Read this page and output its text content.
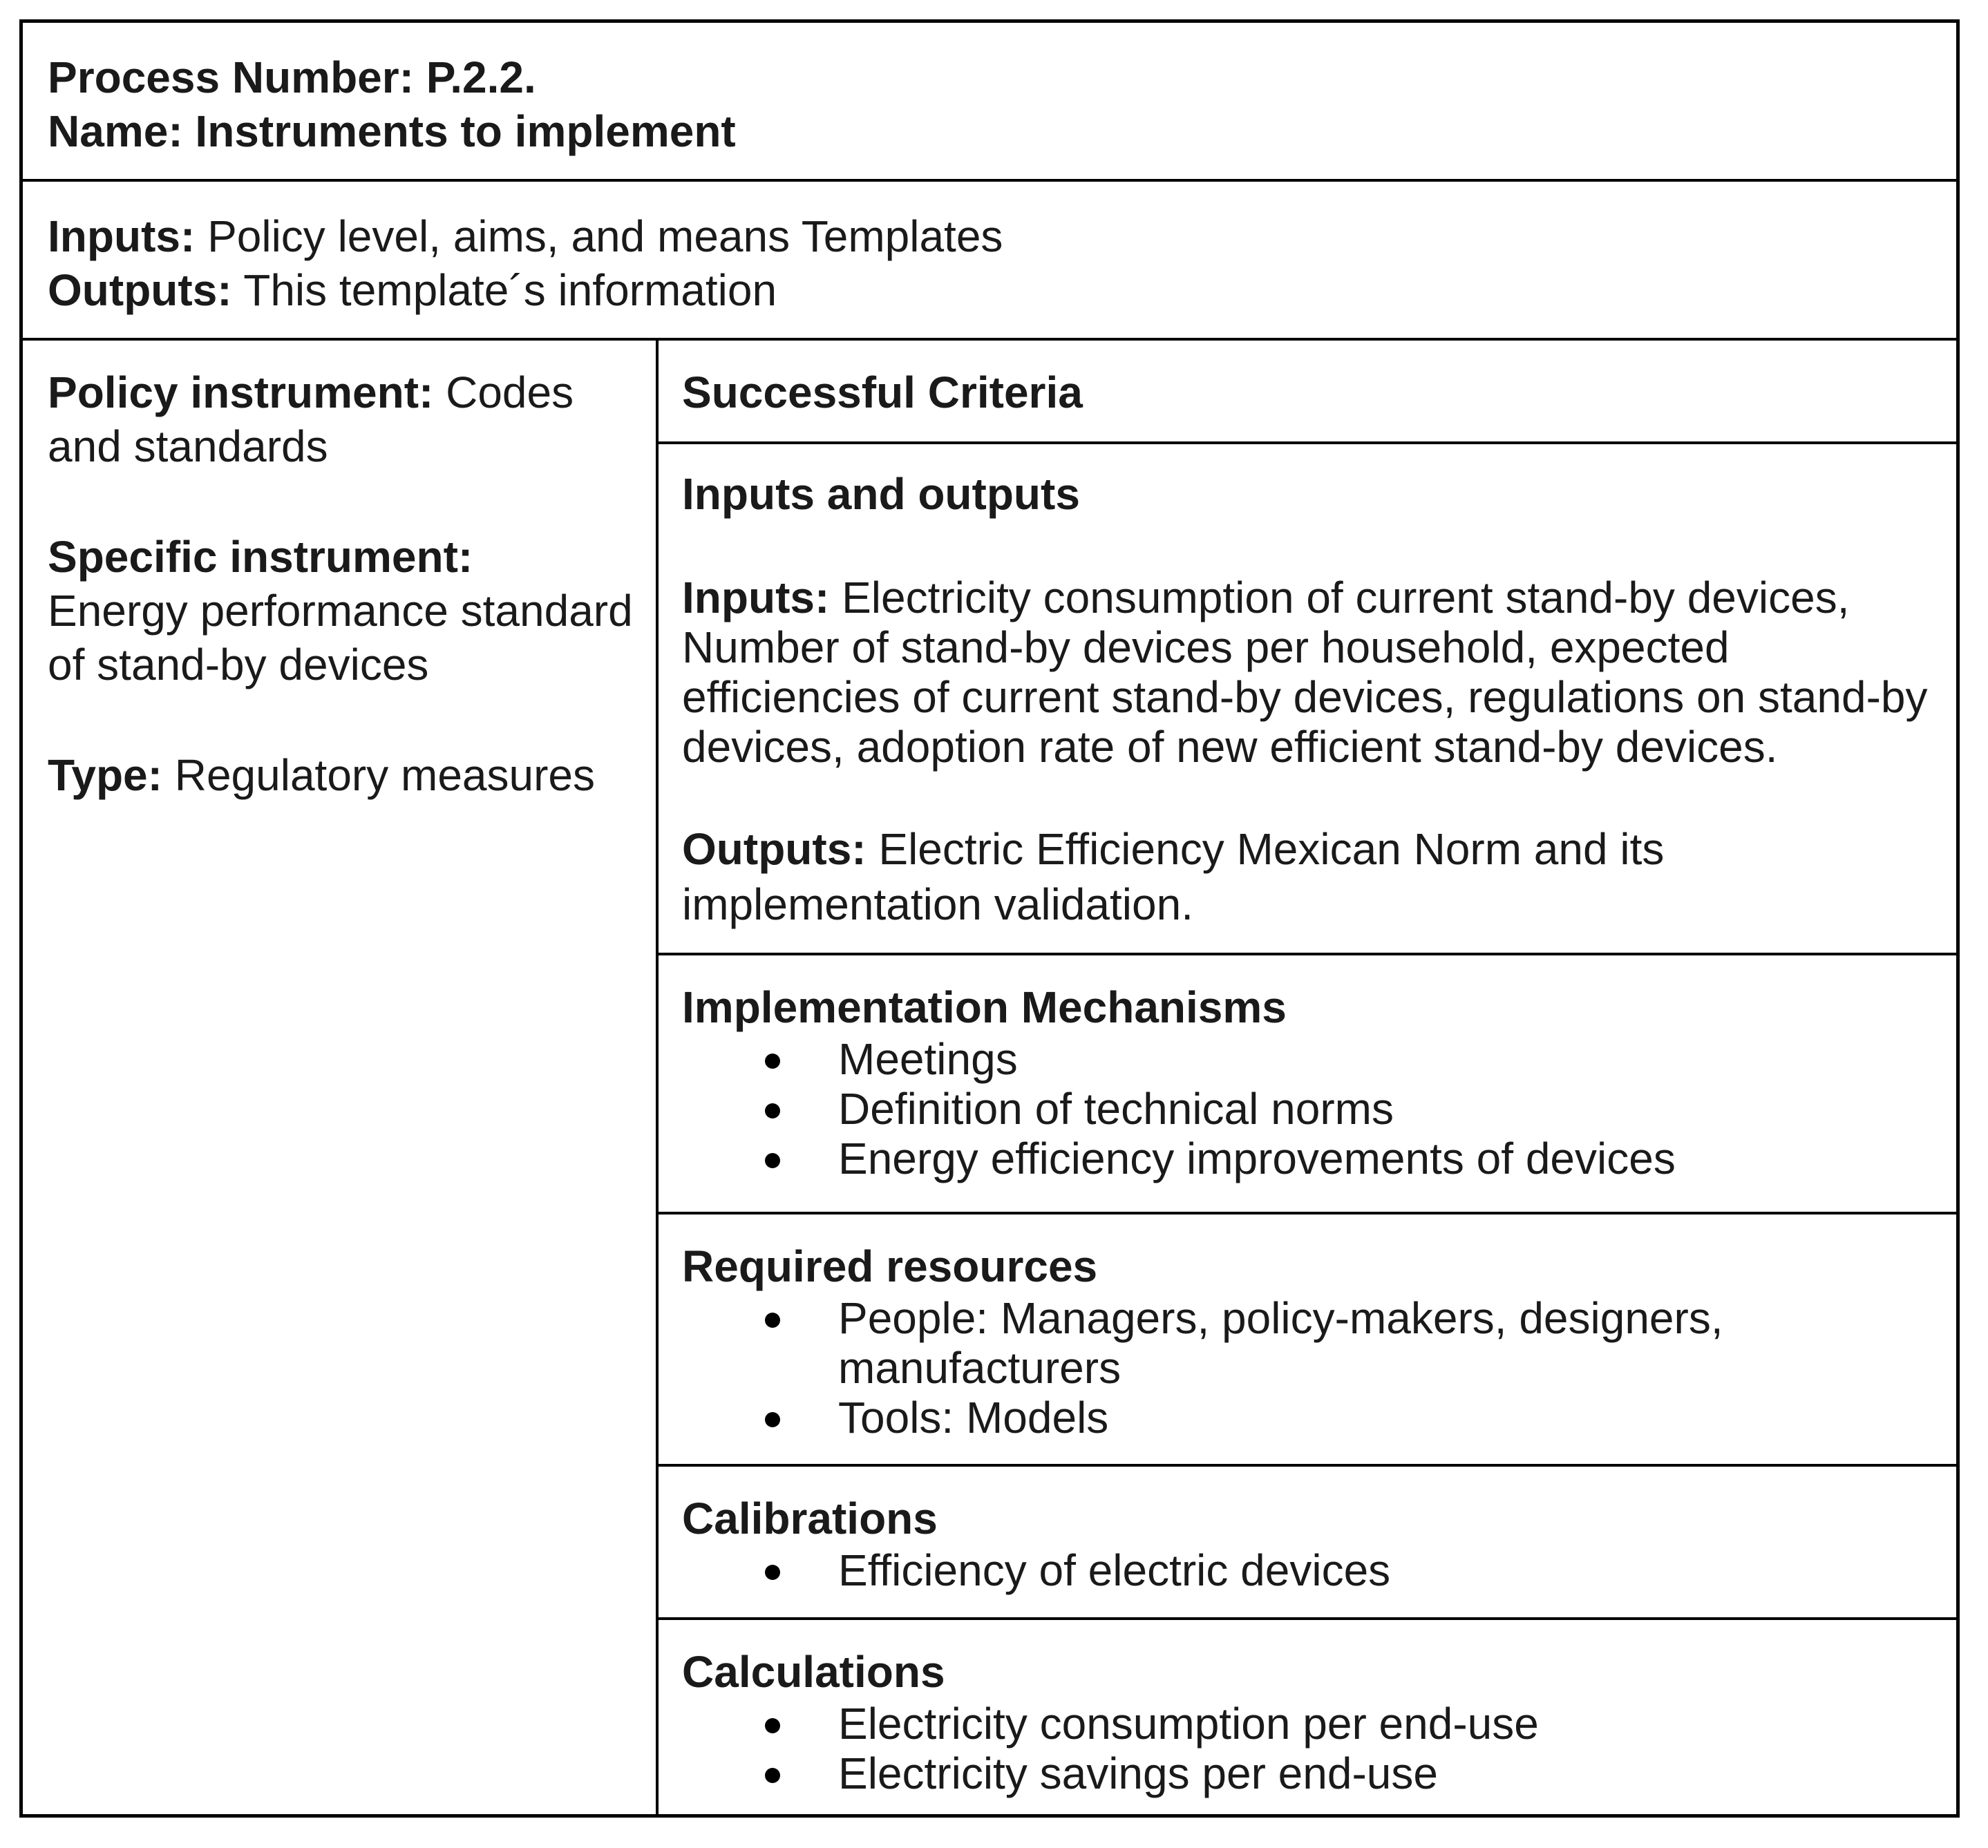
Process Number: P.2.2.
Name: Instruments to implement
Inputs: Policy level, aims, and means Templates
Outputs: This template´s information

Policy instrument: Codes and standards

Specific instrument:
Energy performance standard of stand-by devices

Type: Regulatory measures

Successful Criteria
Inputs and outputs

Inputs: Electricity consumption of current stand-by devices, Number of stand-by devices per household, expected efficiencies of current stand-by devices, regulations on stand-by devices, adoption rate of new efficient stand-by devices.

Outputs: Electric Efficiency Mexican Norm and its implementation validation.

Implementation Mechanisms
Meetings
Definition of technical norms
Energy efficiency improvements of devices
Required resources
People: Managers, policy-makers, designers, manufacturers
Tools: Models
Calibrations
Efficiency of electric devices
Calculations
Electricity consumption per end-use
Electricity savings per end-use
